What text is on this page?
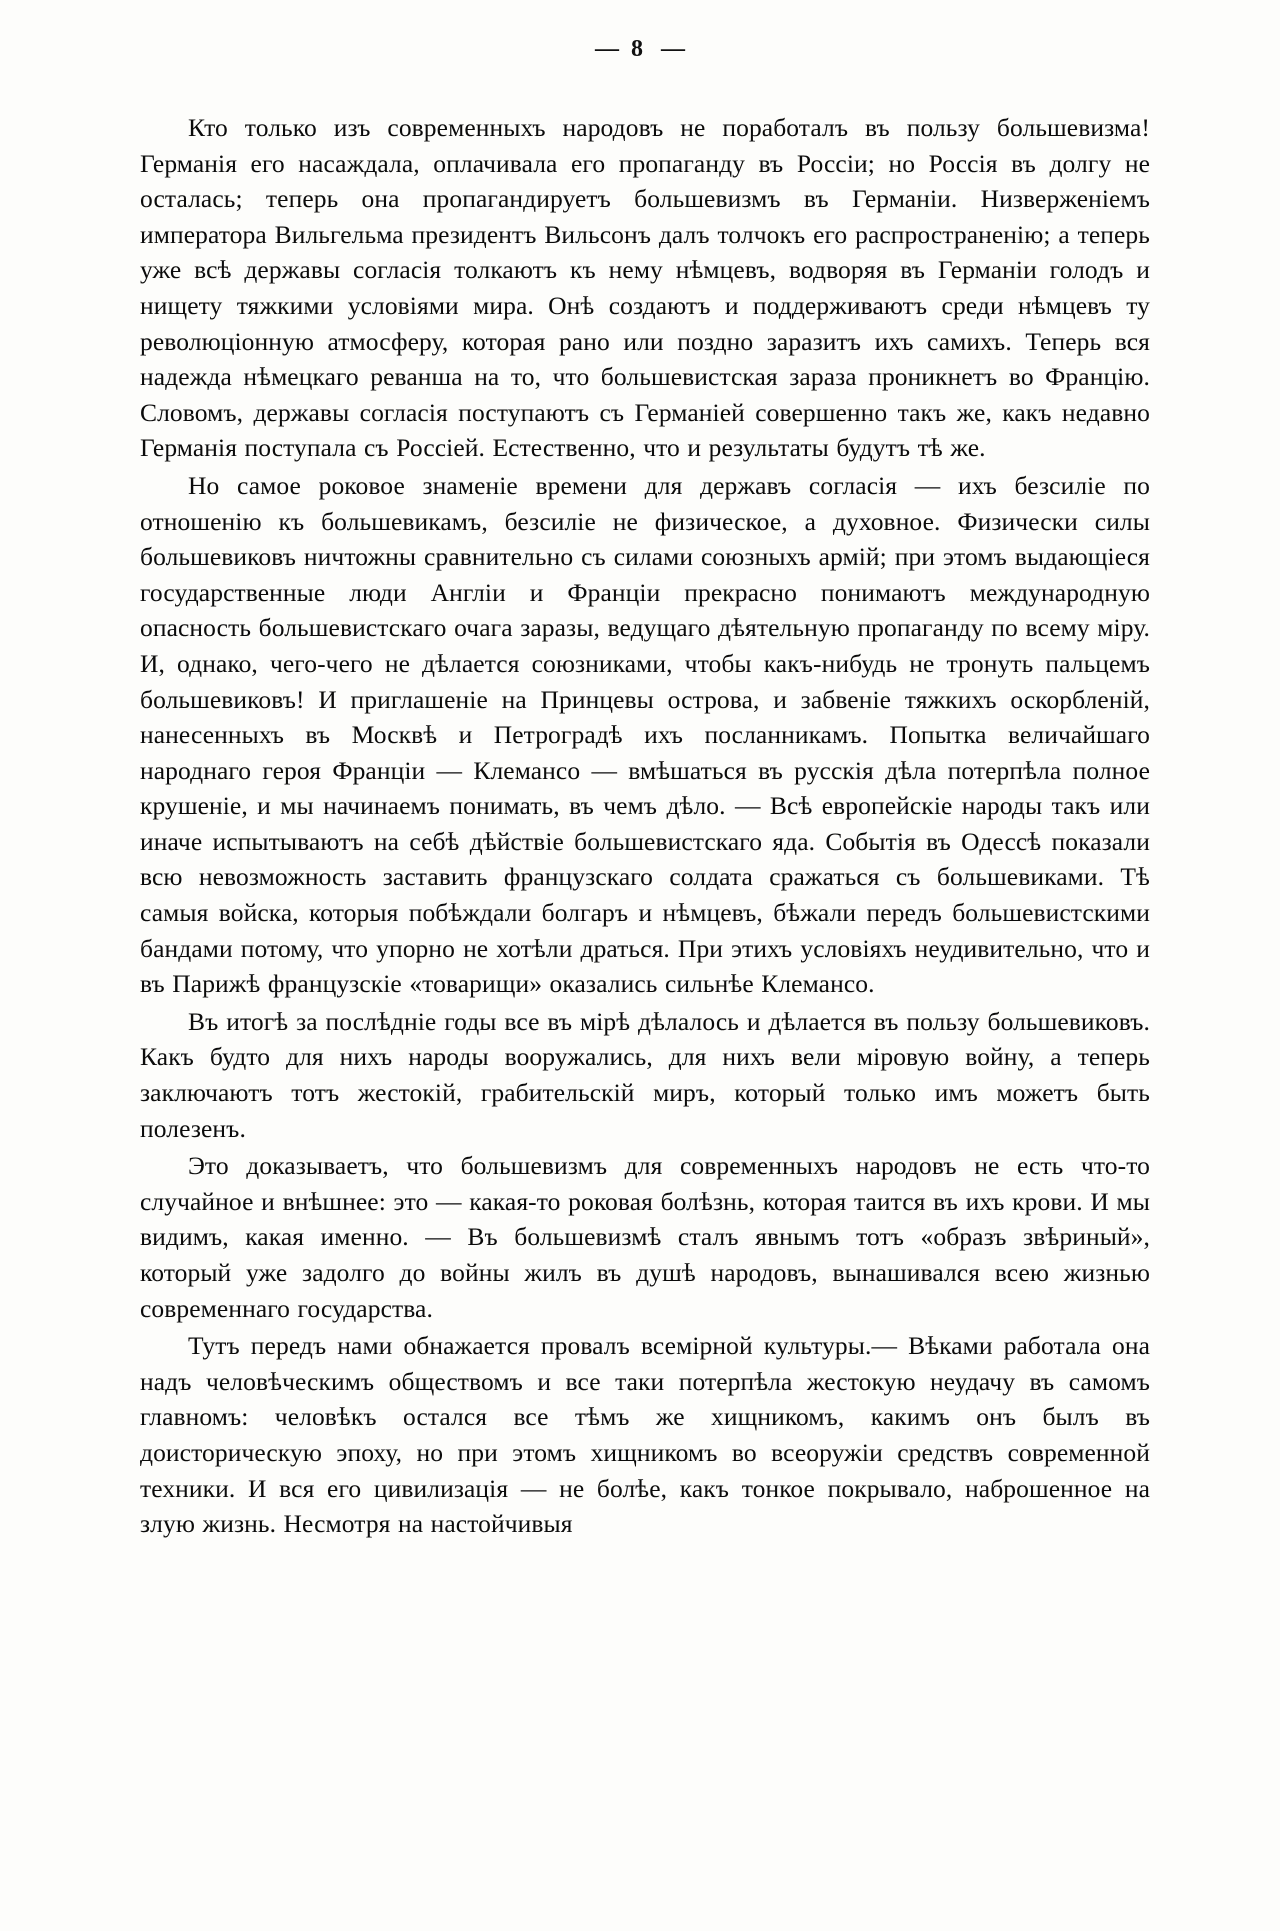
— 8 —

Кто только изъ современныхъ народовъ не поработалъ въ пользу большевизма! Германія его насаждала, оплачивала его пропаганду въ Россіи; но Россія въ долгу не осталась; теперь она пропагандируетъ большевизмъ въ Германіи. Низверженіемъ императора Вильгельма президентъ Вильсонъ далъ толчокъ его распространенію; а теперь уже всѣ державы согласія толкаютъ къ нему нѣмцевъ, водворяя въ Германіи голодъ и нищету тяжкими условіями мира. Онѣ создаютъ и поддерживаютъ среди нѣмцевъ ту революціонную атмосферу, которая рано или поздно заразитъ ихъ самихъ. Теперь вся надежда нѣмецкаго реванша на то, что большевистская зараза проникнетъ во Францію. Словомъ, державы согласія поступаютъ съ Германіей совершенно такъ же, какъ недавно Германія поступала съ Россіей. Естественно, что и результаты будутъ тѣ же.

Но самое роковое знаменіе времени для державъ согласія — ихъ безсиліе по отношенію къ большевикамъ, безсиліе не физическое, а духовное. Физически силы большевиковъ ничтожны сравнительно съ силами союзныхъ армій; при этомъ выдающіеся государственные люди Англіи и Франціи прекрасно понимаютъ международную опасность большевистскаго очага заразы, ведущаго дѣятельную пропаганду по всему міру. И, однако, чего-чего не дѣлается союзниками, чтобы какъ-нибудь не тронуть пальцемъ большевиковъ! И приглашеніе на Принцевы острова, и забвеніе тяжкихъ оскорбленій, нанесенныхъ въ Москвѣ и Петроградѣ ихъ посланникамъ. Попытка величайшаго народнаго героя Франціи — Клемансо — вмѣшаться въ русскія дѣла потерпѣла полное крушеніе, и мы начинаемъ понимать, въ чемъ дѣло. — Всѣ европейскіе народы такъ или иначе испытываютъ на себѣ дѣйствіе большевистскаго яда. Событія въ Одессѣ показали всю невозможность заставить французскаго солдата сражаться съ большевиками. Тѣ самыя войска, которыя побѣждали болгаръ и нѣмцевъ, бѣжали передъ большевистскими бандами потому, что упорно не хотѣли драться. При этихъ условіяхъ неудивительно, что и въ Парижѣ французскіе «товарищи» оказались сильнѣе Клемансо.

Въ итогѣ за послѣдніе годы все въ мірѣ дѣлалось и дѣлается въ пользу большевиковъ. Какъ будто для нихъ народы вооружались, для нихъ вели міровую войну, а теперь заключаютъ тотъ жестокій, грабительскій миръ, который только имъ можетъ быть полезенъ.

Это доказываетъ, что большевизмъ для современныхъ народовъ не есть что-то случайное и внѣшнее: это — какая-то роковая болѣзнь, которая таится въ ихъ крови. И мы видимъ, какая именно. — Въ большевизмѣ сталъ явнымъ тотъ «образъ звѣриный», который уже задолго до войны жилъ въ душѣ народовъ, вынашивался всею жизнью современнаго государства.

Тутъ передъ нами обнажается провалъ всемірной культуры.— Вѣками работала она надъ человѣческимъ обществомъ и все таки потерпѣла жестокую неудачу въ самомъ главномъ: человѣкъ остался все тѣмъ же хищникомъ, какимъ онъ былъ въ доисторическую эпоху, но при этомъ хищникомъ во всеоружіи средствъ современной техники. И вся его цивилизація — не болѣе, какъ тонкое покрывало, наброшенное на злую жизнь. Несмотря на настойчивыя
